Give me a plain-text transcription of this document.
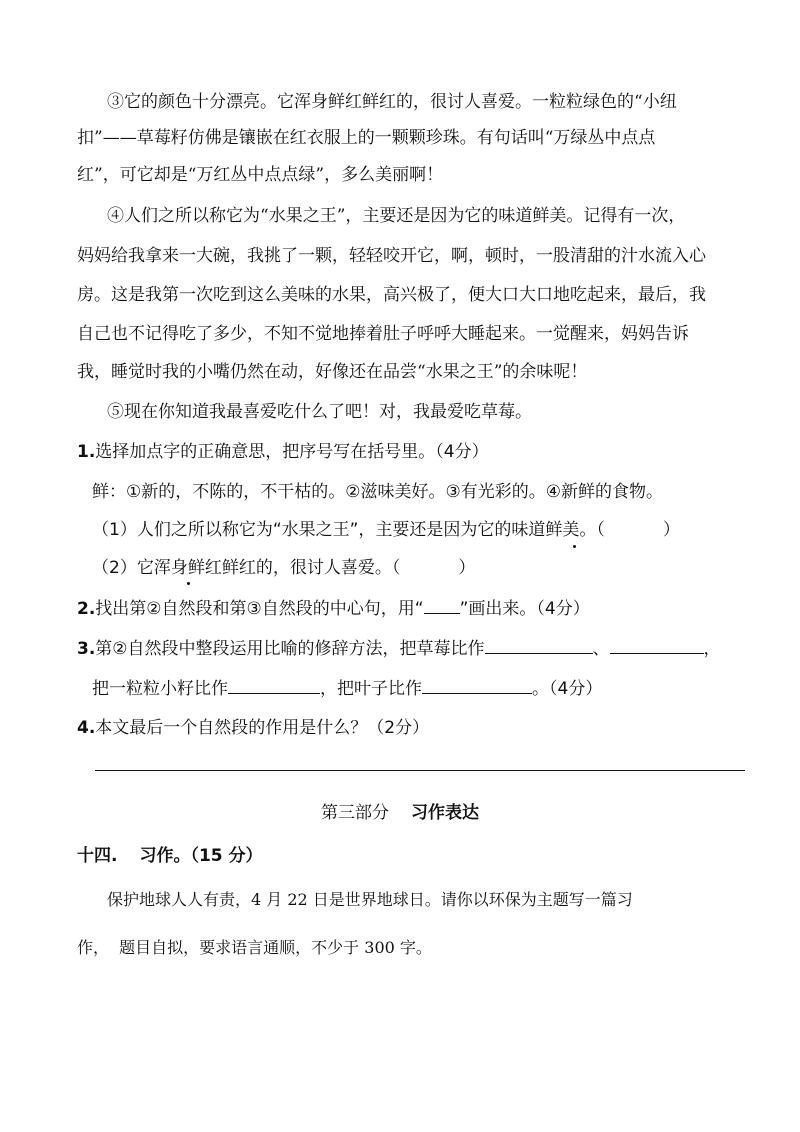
③它的颜色十分漂亮。它浑身鲜红鲜红的，很讨人喜爱。一粒粒绿色的“小纽
扣”——草莓籽仿佛是镶嵌在红衣服上的一颗颗珍珠。有句话叫“万绿丛中点点
红”，可它却是“万红丛中点点绿”，多么美丽啊！
④人们之所以称它为“水果之王”，主要还是因为它的味道鲜美。记得有一次，
妈妈给我拿来一大碗，我挑了一颗，轻轻咬开它，啊，顿时，一股清甜的汁水流入心
房。这是我第一次吃到这么美味的水果，高兴极了，便大口大口地吃起来，最后，我
自己也不记得吃了多少，不知不觉地捧着肚子呼呼大睡起来。一觉醒来，妈妈告诉
我，睡觉时我的小嘴仍然在动，好像还在品尝“水果之王”的余味呢！
⑤现在你知道我最喜爱吃什么了吧！对，我最爱吃草莓。
1.选择加点字的正确意思，把序号写在括号里。（4分）
鲜：①新的，不陈的，不干枯的。②滋味美好。③有光彩的。④新鲜的食物。
（1）人们之所以称它为“水果之王”，主要还是因为它的味道鲜美。（	）
（2）它浑身鲜红鲜红的，很讨人喜爱。（	）
2.找出第②自然段和第③自然段的中心句，用“ ”画出来。（4分）
3.第②自然段中整段运用比喻的修辞方法，把草莓比作	、	，
把一粒粒小籽比作	，把叶子比作	。（4分）
4.本文最后一个自然段的作用是什么？（2分）
第三部分 习作表达
十四. 习作。（15 分）
保护地球人人有责，4 月 22 日是世界地球日。请你以环保为主题写一篇习
作，  题目自拟，要求语言通顺，不少于 300 字。
